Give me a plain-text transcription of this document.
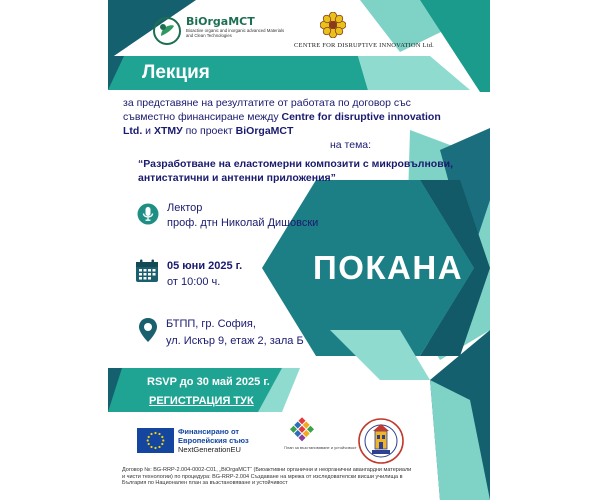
BiOrgaMCT
Bioactive organic and inorganic advanced Materials and Clean Technologies
CENTRE FOR DISRUPTIVE INNOVATION Ltd.
Лекция
за представяне на резултатите от работата по договор със съвместно финансиране между Centre for disruptive innovation Ltd. и ХТМУ по проект BiOrgaMCT
на тема:
“Разработване на еластомерни композити с микровълнови, антистатични и антенни приложения”
Лектор
проф. дтн Николай Дишовски
05 юни 2025 г.
от 10:00 ч.
БТПП, гр. София,
ул. Искър 9, етаж 2, зала Б
ПОКАНА
RSVP до 30 май 2025 г.
РЕГИСТРАЦИЯ ТУК
Финансирано от
Европейския съюз
NextGenerationEU	План за възстановяване и устойчивост
Договор №: BG-RRP-2.004-0002-C01, „BiOrgaMCT“ (Биоактивни органични и неорганични авангардни материали и чисти технологии) по процедура: BG-RRP-2.004 Създаване на мрежа от изследователски висши училища в България по Национален план за възстановяване и устойчивост
